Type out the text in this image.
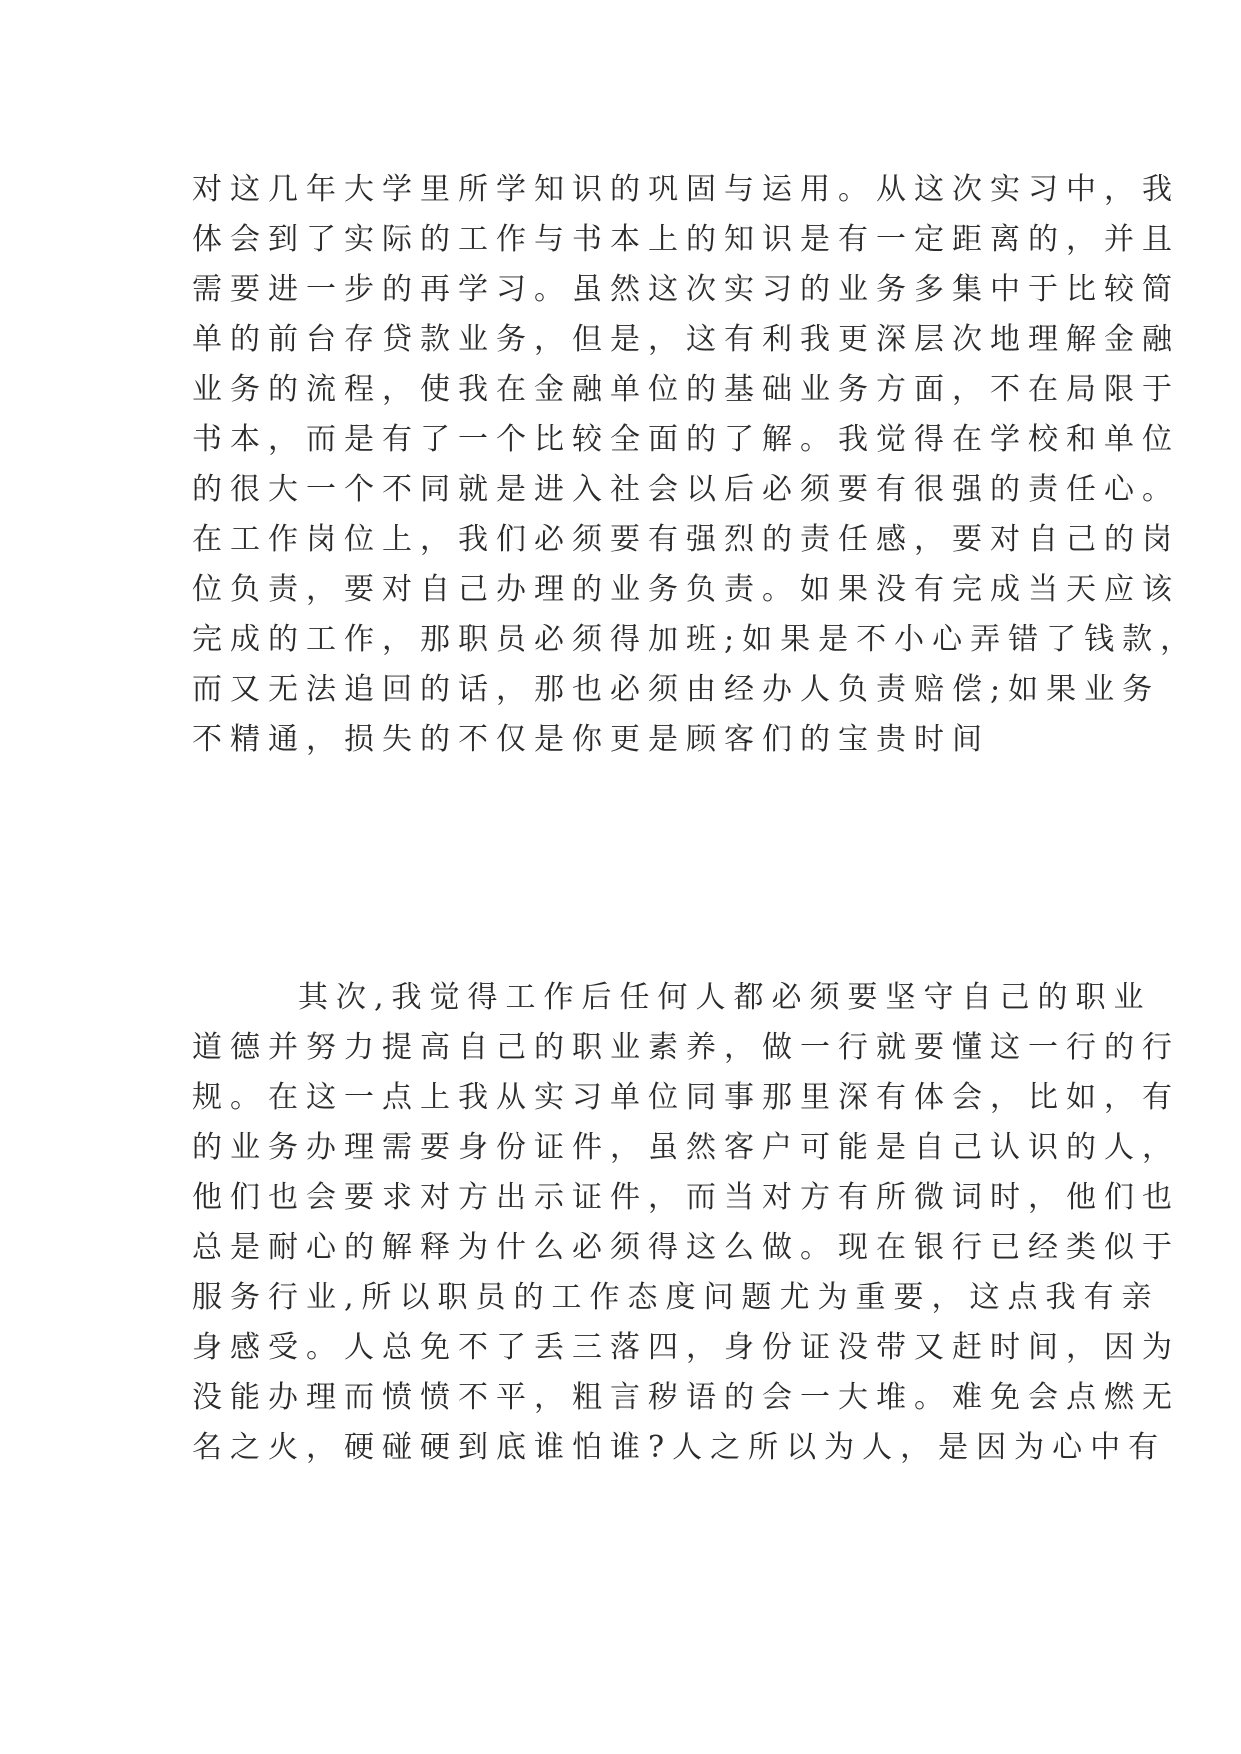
对这几年大学里所学知识的巩固与运用。从这次实习中，我
体会到了实际的工作与书本上的知识是有一定距离的，并且
需要进一步的再学习。虽然这次实习的业务多集中于比较简
单的前台存贷款业务，但是，这有利我更深层次地理解金融
业务的流程，使我在金融单位的基础业务方面，不在局限于
书本，而是有了一个比较全面的了解。我觉得在学校和单位
的很大一个不同就是进入社会以后必须要有很强的责任心。
在工作岗位上，我们必须要有强烈的责任感，要对自己的岗
位负责，要对自己办理的业务负责。如果没有完成当天应该
完成的工作，那职员必须得加班;如果是不小心弄错了钱款，
而又无法追回的话，那也必须由经办人负责赔偿;如果业务
不精通，损失的不仅是你更是顾客们的宝贵时间
其次,我觉得工作后任何人都必须要坚守自己的职业
道德并努力提高自己的职业素养，做一行就要懂这一行的行
规。在这一点上我从实习单位同事那里深有体会，比如，有
的业务办理需要身份证件，虽然客户可能是自己认识的人，
他们也会要求对方出示证件，而当对方有所微词时，他们也
总是耐心的解释为什么必须得这么做。现在银行已经类似于
服务行业,所以职员的工作态度问题尤为重要，这点我有亲
身感受。人总免不了丢三落四，身份证没带又赶时间，因为
没能办理而愤愤不平，粗言秽语的会一大堆。难免会点燃无
名之火，硬碰硬到底谁怕谁?人之所以为人，是因为心中有
